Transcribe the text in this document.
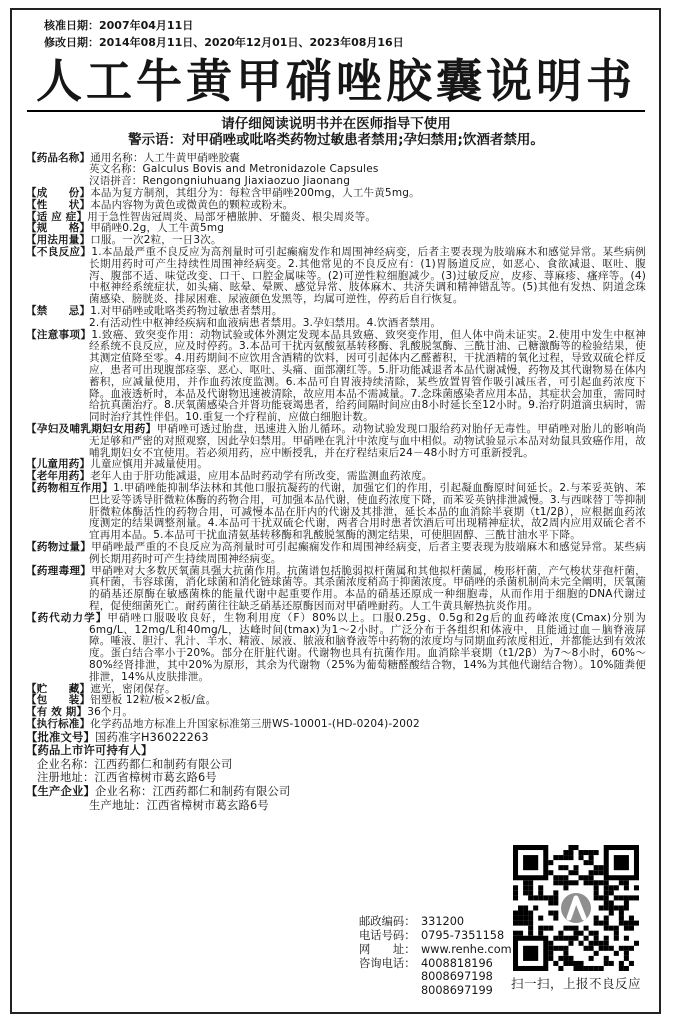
核准日期：2007年04月11日
修改日期：2014年08月11日、2020年12月01日、2023年08月16日
人工牛黄甲硝唑胶囊说明书
请仔细阅读说明书并在医师指导下使用
警示语：对甲硝唑或吡咯类药物过敏患者禁用;孕妇禁用;饮酒者禁用。
【药品名称】通用名称：人工牛黄甲硝唑胶囊
英文名称：Galculus Bovis and Metronidazole Capsules
汉语拼音：Rengongniuhuang Jiaxiaozuo Jiaonang
【成　　份】本品为复方制剂，其组分为：每粒含甲硝唑200mg，人工牛黄5mg。
【性　　状】本品内容物为黄色或微黄色的颗粒或粉末。
【适 应 症】用于急性智齿冠周炎、局部牙槽脓肿、牙髓炎、根尖周炎等。
【规　　格】甲硝唑0.2g，人工牛黄5mg
【用法用量】口服。一次2粒，一日3次。
【不良反应】1.本品最严重不良反应为高剂量时可引起癫痫发作和周围神经病变，后者主要表现为肢端麻木和感觉异常。某些病例长期用药时可产生持续性周围神经病变。2.其他常见的不良反应有：(1)胃肠道反应，如恶心、食欲减退、呕吐、腹泻、腹部不适、味觉改变、口干、口腔金属味等。(2)可逆性粒细胞减少。(3)过敏反应，皮疹、荨麻疹、瘙痒等。(4)中枢神经系统症状，如头痛、眩晕、晕厥、感觉异常、肢体麻木、共济失调和精神错乱等。(5)其他有发热、阴道念珠菌感染、膀胱炎、排尿困难、尿液颜色发黑等，均属可逆性，停药后自行恢复。
【禁　　忌】1.对甲硝唑或吡咯类药物过敏患者禁用。
2.有活动性中枢神经疾病和血液病患者禁用。3.孕妇禁用。4.饮酒者禁用。
【注意事项】1.致癌、致突变作用：动物试验或体外测定发现本品具致癌、致突变作用，但人体中尚未证实。2.使用中发生中枢神经系统不良反应，应及时停药。3.本品可干扰丙氨酸氨基转移酶、乳酸脱氢酶、三酰甘油、己糖激酶等的检验结果，使其测定值降至零。4.用药期间不应饮用含酒精的饮料，因可引起体内乙醛蓄积，干扰酒精的氧化过程，导致双硫仑样反应，患者可出现腹部痉挛、恶心、呕吐、头痛、面部潮红等。5.肝功能减退者本品代谢减慢，药物及其代谢物易在体内蓄积，应减量使用，并作血药浓度监测。6.本品可自胃液持续清除，某些放置胃管作吸引减压者，可引起血药浓度下降。血液透析时，本品及代谢物迅速被清除，故应用本品不需减量。7.念珠菌感染者应用本品，其症状会加重，需同时给抗真菌治疗。8.厌氧菌感染合并肾功能衰竭患者，给药间隔时间应由8小时延长至12小时。9.治疗阴道滴虫病时，需同时治疗其性伴侣。10.重复一个疗程前，应做白细胞计数。
【孕妇及哺乳期妇女用药】甲硝唑可透过胎盘，迅速进入胎儿循环。动物试验发现口服给药对胎仔无毒性。甲硝唑对胎儿的影响尚无足够和严密的对照观察，因此孕妇禁用。甲硝唑在乳汁中浓度与血中相似。动物试验显示本品对幼鼠具致癌作用，故哺乳期妇女不宜使用。若必须用药，应中断授乳，并在疗程结束后24－48小时方可重新授乳。
【儿童用药】儿童应慎用并减量使用。
【老年用药】老年人由于肝功能减退，应用本品时药动学有所改变，需监测血药浓度。
【药物相互作用】1.甲硝唑能抑制华法林和其他口服抗凝药的代谢，加强它们的作用，引起凝血酶原时间延长。2.与苯妥英钠、苯巴比妥等诱导肝微粒体酶的药物合用，可加强本品代谢，使血药浓度下降，而苯妥英钠排泄减慢。3.与西咪替丁等抑制肝微粒体酶活性的药物合用，可减慢本品在肝内的代谢及其排泄，延长本品的血消除半衰期（t1/2β），应根据血药浓度测定的结果调整剂量。4.本品可干扰双硫仑代谢，两者合用时患者饮酒后可出现精神症状，故2周内应用双硫仑者不宜再用本品。5.本品可干扰血清氨基转移酶和乳酸脱氢酶的测定结果，可使胆固醇、三酰甘油水平下降。
【药物过量】甲硝唑最严重的不良反应为高剂量时可引起癫痫发作和周围神经病变，后者主要表现为肢端麻木和感觉异常。某些病例长期用药时可产生持续周围神经病变。
【药理毒理】甲硝唑对大多数厌氧菌具强大抗菌作用。抗菌谱包括脆弱拟杆菌属和其他拟杆菌属，梭形杆菌，产气梭状芽孢杆菌，真杆菌，韦容球菌，消化球菌和消化链球菌等。其杀菌浓度稍高于抑菌浓度。甲硝唑的杀菌机制尚未完全阐明，厌氧菌的硝基还原酶在敏感菌株的能量代谢中起重要作用。本品的硝基还原成一种细胞毒，从而作用于细胞的DNA代谢过程，促使细菌死亡。耐药菌往往缺乏硝基还原酶因而对甲硝唑耐药。人工牛黄具解热抗炎作用。
【药代动力学】甲硝唑口服吸收良好，生物利用度（F）80%以上。口服0.25g、0.5g和2g后的血药峰浓度(Cmax)分别为6mg/L、12mg/L和40mg/L，达峰时间(tmax)为1～2小时。广泛分布于各组织和体液中，且能通过血－脑脊液屏障。唾液、胆汁、乳汁、羊水、精液、尿液、脓液和脑脊液等中药物的浓度均与同期血药浓度相近，并都能达到有效浓度。蛋白结合率小于20%。部分在肝脏代谢。代谢物也具有抗菌作用。血消除半衰期（t1/2β）为7～8小时，60%～80%经肾排泄，其中20%为原形，其余为代谢物（25%为葡萄糖醛酸结合物，14%为其他代谢结合物）。10%随粪便排泄，14%从皮肤排泄。
【贮　　藏】遮光，密闭保存。
【包　　装】铝塑板 12粒/板×2板/盒。
【有 效 期】36个月。
【执行标准】化学药品地方标准上升国家标准第三册WS-10001-(HD-0204)-2002
【批准文号】国药准字H36022263
【药品上市许可持有人】
企业名称：江西药都仁和制药有限公司
注册地址：江西省樟树市葛玄路6号
【生产企业】企业名称：江西药都仁和制药有限公司
生产地址：江西省樟树市葛玄路6号
邮政编码： 331200
电话号码： 0795-7351158
网　　址： www.renhe.com
咨询电话： 4008818196
8008697198
8008697199	扫一扫，上报不良反应
